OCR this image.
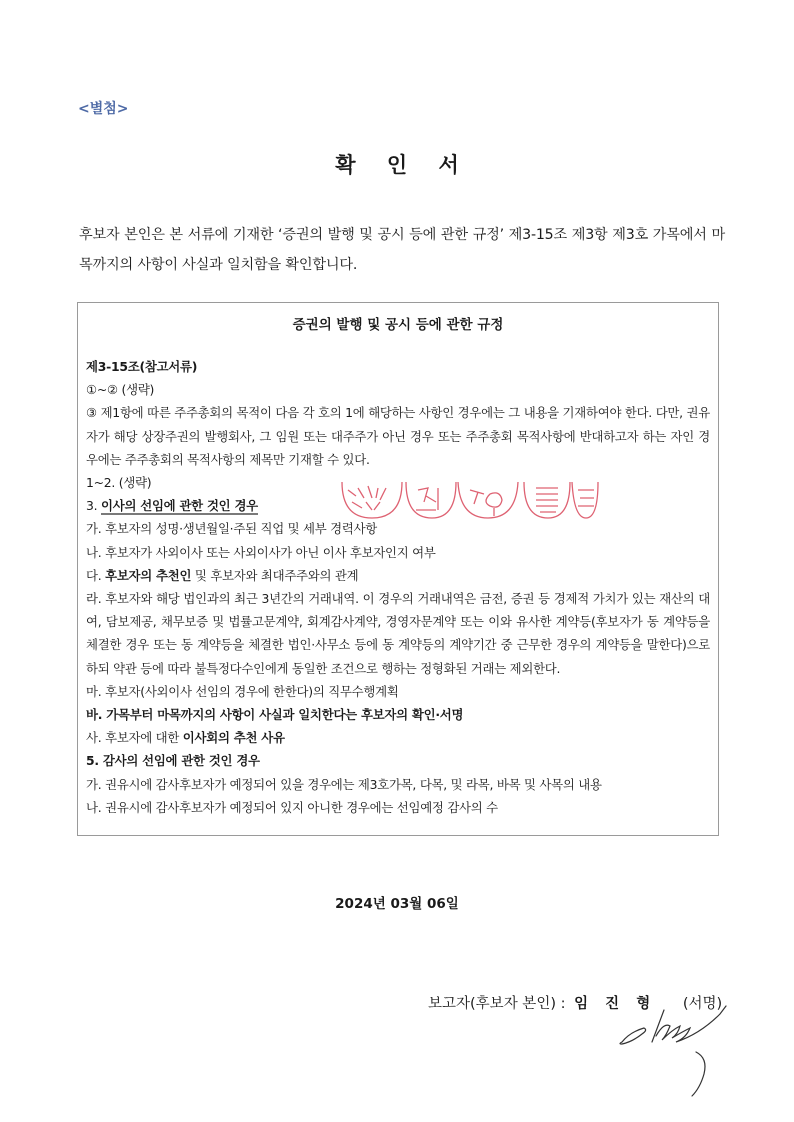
<별첨>
확 인 서
후보자 본인은 본 서류에 기재한 ‘증권의 발행 및 공시 등에 관한 규정’ 제3-15조 제3항 제3호 가목에서 마목까지의 사항이 사실과 일치함을 확인합니다.
증권의 발행 및 공시 등에 관한 규정
제3-15조(참고서류)
①~② (생략)
③ 제1항에 따른 주주총회의 목적이 다음 각 호의 1에 해당하는 사항인 경우에는 그 내용을 기재하여야 한다. 다만, 권유자가 해당 상장주권의 발행회사, 그 임원 또는 대주주가 아닌 경우 또는 주주총회 목적사항에 반대하고자 하는 자인 경우에는 주주총회의 목적사항의 제목만 기재할 수 있다.
1~2. (생략)
3. 이사의 선임에 관한 것인 경우
가. 후보자의 성명·생년월일·주된 직업 및 세부 경력사항
나. 후보자가 사외이사 또는 사외이사가 아닌 이사 후보자인지 여부
다. 후보자의 추천인 및 후보자와 최대주주와의 관계
라. 후보자와 해당 법인과의 최근 3년간의 거래내역. 이 경우의 거래내역은 금전, 증권 등 경제적 가치가 있는 재산의 대여, 담보제공, 채무보증 및 법률고문계약, 회계감사계약, 경영자문계약 또는 이와 유사한 계약등(후보자가 동 계약등을 체결한 경우 또는 동 계약등을 체결한 법인·사무소 등에 동 계약등의 계약기간 중 근무한 경우의 계약등을 말한다)으로 하되 약관 등에 따라 불특정다수인에게 동일한 조건으로 행하는 정형화된 거래는 제외한다.
마. 후보자(사외이사 선임의 경우에 한한다)의 직무수행계획
바. 가목부터 마목까지의 사항이 사실과 일치한다는 후보자의 확인·서명
사. 후보자에 대한 이사회의 추천 사유
5. 감사의 선임에 관한 것인 경우
가. 권유시에 감사후보자가 예정되어 있을 경우에는 제3호가목, 다목, 및 라목, 바목 및 사목의 내용
나. 권유시에 감사후보자가 예정되어 있지 아니한 경우에는 선임예정 감사의 수
2024년 03월 06일
보고자(후보자 본인) : 임 진 형 (서명)
